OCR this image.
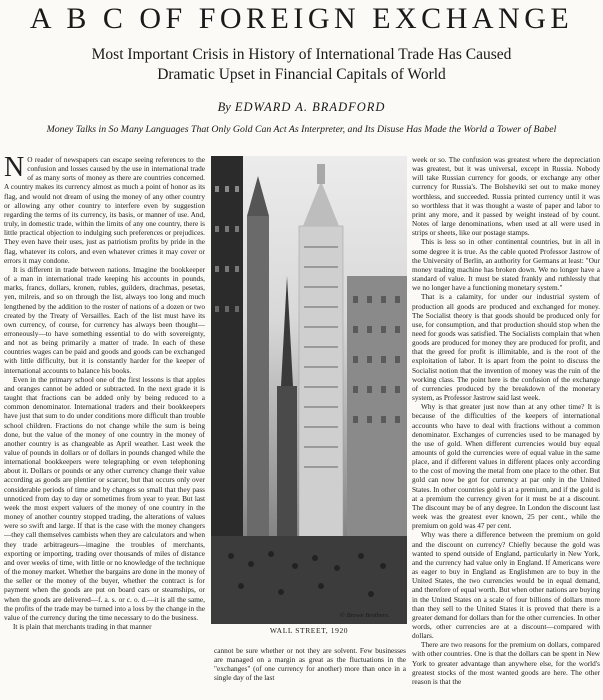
A B C OF FOREIGN EXCHANGE
Most Important Crisis in History of International Trade Has Caused
Dramatic Upset in Financial Capitals of World
By EDWARD A. BRADFORD
Money Talks in So Many Languages That Only Gold Can Act As Interpreter, and Its Disuse Has Made the World a Tower of Babel

N O reader of newspapers can escape seeing references to the confusion and losses caused by the use in international trade of as many sorts of money as there are countries concerned. A country makes its currency almost as much a point of honor as its flag, and would not dream of using the money of any other country or allowing any other country to interfere even by suggestion regarding the terms of its currency, its basis, or manner of use. And, truly, in domestic trade, within the limits of any one country, there is little practical objection to indulging such preferences or prejudices. They even have their uses, just as patriotism profits by pride in the flag, whatever its colors, and even whatever crimes it may cover or errors it may condone.

It is different in trade between nations. Imagine the bookkeeper of a man in international trade keeping his accounts in pounds, marks, francs, dollars, kronen, rubles, guilders, drachmas, pesetas, yen, milreis, and so on through the list, always too long and much lengthened by the addition to the roster of nations of a dozen or two created by the Treaty of Versailles. Each of the list must have its own currency, of course, for currency has always been thought—erroneously—to have something essential to do with sovereignty, and not as being primarily a matter of trade. In each of these countries wages can be paid and goods and goods can be exchanged with little difficulty, but it is constantly harder for the keeper of international accounts to balance his books.

Even in the primary school one of the first lessons is that apples and oranges cannot be added or subtracted. In the next grade it is taught that fractions can be added only by being reduced to a common denominator. International traders and their bookkeepers have just that sum to do under conditions more difficult than trouble school children. Fractions do not change while the sum is being done, but the value of the money of one country in the money of another country is as changeable as April weather. Last week the value of pounds in dollars or of dollars in pounds changed while the international bookkeepers were telegraphing or even telephoning about it. Dollars or pounds or any other currency change their value according as goods are plentier or scarcer, but that occurs only over considerable periods of time and by changes so small that they pass unnoticed from day to day or sometimes from year to year. But last week the most expert valuers of the money of one country in the money of another country stopped trading, the alterations of values were so swift and large. If that is the case with the money changers—they call themselves cambists when they are calculators and when they trade arbitrageurs—imagine the troubles of merchants, exporting or importing, trading over thousands of miles of distance and over weeks of time, with little or no knowledge of the technique of the money market. Whether the bargains are done in the money of the seller or the money of the buyer, whether the contract is for payment when the goods are put on board cars or steamships, or when the goods are delivered—f. a. s. or c. o. d.—it is all the same, the profits of the trade may be turned into a loss by the change in the value of the currency during the time necessary to do the business.

It is plain that merchants trading in that manner

© Brown Brothers.
WALL STREET, 1920

cannot be sure whether or not they are solvent. Few businesses are managed on a margin as great as the fluctuations in the "exchanges" (of one currency for another) more than once in a single day of the last

week or so. The confusion was greatest where the depreciation was greatest, but it was universal, except in Russia. Nobody will take Russian currency for goods, or exchange any other currency for Russia's. The Bolsheviki set out to make money worthless, and succeeded. Russia printed currency until it was so worthless that it was thought a waste of paper and labor to print any more, and it passed by weight instead of by count. Notes of large denominations, when used at all were used in strips or sheets, like our postage stamps.

This is less so in other continental countries, but in all in some degree it is true. As the cable quoted Professor Jastrow of the University of Berlin, an authority for Germans at least: "Our money trading machine has broken down. We no longer have a standard of value. It must be stated frankly and ruthlessly that we no longer have a functioning monetary system."

That is a calamity, for under our industrial system of production all goods are produced and exchanged for money. The Socialist theory is that goods should be produced only for use, for consumption, and that production should stop when the need for goods was satisfied. The Socialists complain that when goods are produced for money they are produced for profit, and that the greed for profit is illimitable, and is the root of the exploitation of labor. It is apart from the point to discuss the Socialist notion that the invention of money was the ruin of the working class. The point here is the confusion of the exchange of currencies produced by the breakdown of the monetary system, as Professor Jastrow said last week.

Why is that greater just now than at any other time? It is because of the difficulties of the keepers of international accounts who have to deal with fractions without a common denominator. Exchanges of currencies used to be managed by the use of gold. When different currencies would buy equal amounts of gold the currencies were of equal value in the same place, and if different values in different places only according to the cost of moving the metal from one place to the other. But gold can now be got for currency at par only in the United States. In other countries gold is at a premium, and if the gold is at a premium the currency given for it must be at a discount. The discount may be of any degree. In London the discount last week was the greatest ever known, 25 per cent., while the premium on gold was 47 per cent.

Why was there a difference between the premium on gold and the discount on currency? Chiefly because the gold was wanted to spend outside of England, particularly in New York, and the currency had value only in England. If Americans were as eager to buy in England as Englishmen are to buy in the United States, the two currencies would be in equal demand, and therefore of equal worth. But when other nations are buying in the United States on a scale of four billions of dollars more than they sell to the United States it is proved that there is a greater demand for dollars than for the other currencies. In other words, other currencies are at a discount—compared with dollars.

There are two reasons for the premium on dollars, compared with other countries. One is that the dollars can be spent in New York to greater advantage than anywhere else, for the world's greatest stocks of the most wanted goods are here. The other reason is that the
